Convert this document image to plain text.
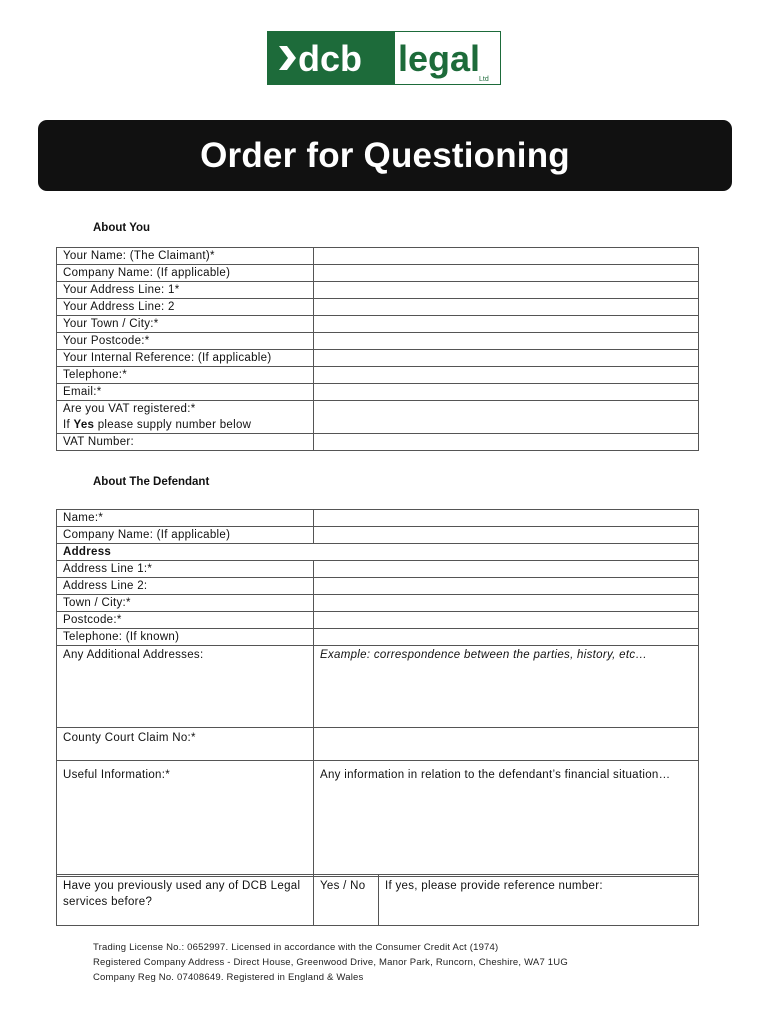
dcb legal
Ltd
Order for Questioning
About You
Your Name: (The Claimant)*	
Company Name: (If applicable)	
Your Address Line: 1*	
Your Address Line: 2	
Your Town / City:*	
Your Postcode:*	
Your Internal Reference: (If applicable)	
Telephone:*	
Email:*	
Are you VAT registered:*
If Yes please supply number below	
VAT Number:	
About The Defendant
Name:*	
Company Name: (If applicable)	
Address	
Address Line 1:*	
Address Line 2:	
Town / City:*	
Postcode:*	
Telephone: (If known)	
Any Additional Addresses:	Example: correspondence between the parties, history, etc…
County Court Claim No:*	
Useful Information:*	Any information in relation to the defendant’s financial situation…
Have you previously used any of DCB Legal services before?	Yes / No	If yes, please provide reference number:
Trading License No.: 0652997. Licensed in accordance with the Consumer Credit Act (1974)
Registered Company Address - Direct House, Greenwood Drive, Manor Park, Runcorn, Cheshire, WA7 1UG
Company Reg No. 07408649. Registered in England & Wales
